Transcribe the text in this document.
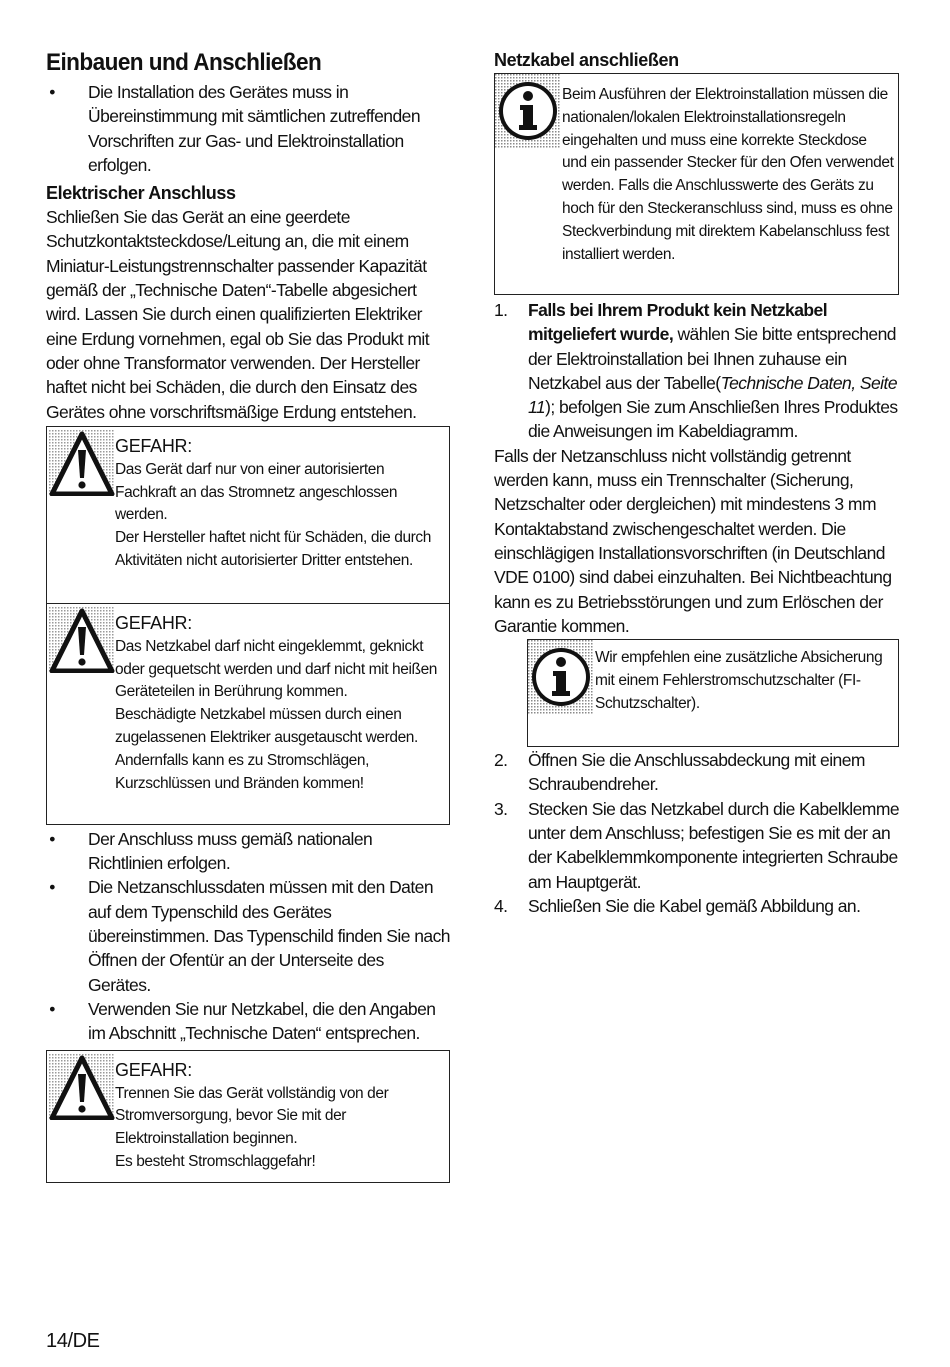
Einbauen und Anschließen
• Die Installation des Gerätes muss in Übereinstimmung mit sämtlichen zutreffenden Vorschriften zur Gas- und Elektroinstallation erfolgen.
Elektrischer Anschluss

Schließen Sie das Gerät an eine geerdete Schutzkontaktsteckdose/Leitung an, die mit einem Miniatur-Leistungstrennschalter passender Kapazität gemäß der „Technische Daten“-Tabelle abgesichert wird. Lassen Sie durch einen qualifizierten Elektriker eine Erdung vornehmen, egal ob Sie das Produkt mit oder ohne Transformator verwenden. Der Hersteller haftet nicht bei Schäden, die durch den Einsatz des Gerätes ohne vorschriftsmäßige Erdung entstehen.

GEFAHR:

Das Gerät darf nur von einer autorisierten Fachkraft an das Stromnetz angeschlossen werden.

Der Hersteller haftet nicht für Schäden, die durch Aktivitäten nicht autorisierter Dritter entstehen.

GEFAHR:

Das Netzkabel darf nicht eingeklemmt, geknickt oder gequetscht werden und darf nicht mit heißen Geräteteilen in Berührung kommen.

Beschädigte Netzkabel müssen durch einen zugelassenen Elektriker ausgetauscht werden. Andernfalls kann es zu Stromschlägen, Kurzschlüssen und Bränden kommen!

• Der Anschluss muss gemäß nationalen Richtlinien erfolgen.
• Die Netzanschlussdaten müssen mit den Daten auf dem Typenschild des Gerätes übereinstimmen. Das Typenschild finden Sie nach Öffnen der Ofentür an der Unterseite des Gerätes.
• Verwenden Sie nur Netzkabel, die den Angaben im Abschnitt „Technische Daten“ entsprechen.

GEFAHR:

Trennen Sie das Gerät vollständig von der Stromversorgung, bevor Sie mit der Elektroinstallation beginnen.

Es besteht Stromschlaggefahr!

Netzkabel anschließen

Beim Ausführen der Elektroinstallation müssen die nationalen/lokalen Elektroinstallationsregeln eingehalten und muss eine korrekte Steckdose und ein passender Stecker für den Ofen verwendet werden. Falls die Anschlusswerte des Geräts zu hoch für den Steckeranschluss sind, muss es ohne Steckverbindung mit direktem Kabelanschluss fest installiert werden.

1. Falls bei Ihrem Produkt kein Netzkabel mitgeliefert wurde, wählen Sie bitte entsprechend der Elektroinstallation bei Ihnen zuhause ein Netzkabel aus der Tabelle(Technische Daten, Seite 11); befolgen Sie zum Anschließen Ihres Produktes die Anweisungen im Kabeldiagramm.

Falls der Netzanschluss nicht vollständig getrennt werden kann, muss ein Trennschalter (Sicherung, Netzschalter oder dergleichen) mit mindestens 3 mm Kontaktabstand zwischengeschaltet werden. Die einschlägigen Installationsvorschriften (in Deutschland VDE 0100) sind dabei einzuhalten. Bei Nichtbeachtung kann es zu Betriebsstörungen und zum Erlöschen der Garantie kommen.

Wir empfehlen eine zusätzliche Absicherung mit einem Fehlerstromschutzschalter (FI-Schutzschalter).

2. Öffnen Sie die Anschlussabdeckung mit einem Schraubendreher.
3. Stecken Sie das Netzkabel durch die Kabelklemme unter dem Anschluss; befestigen Sie es mit der an der Kabelklemmkomponente integrierten Schraube am Hauptgerät.
4. Schließen Sie die Kabel gemäß Abbildung an.
14/DE
